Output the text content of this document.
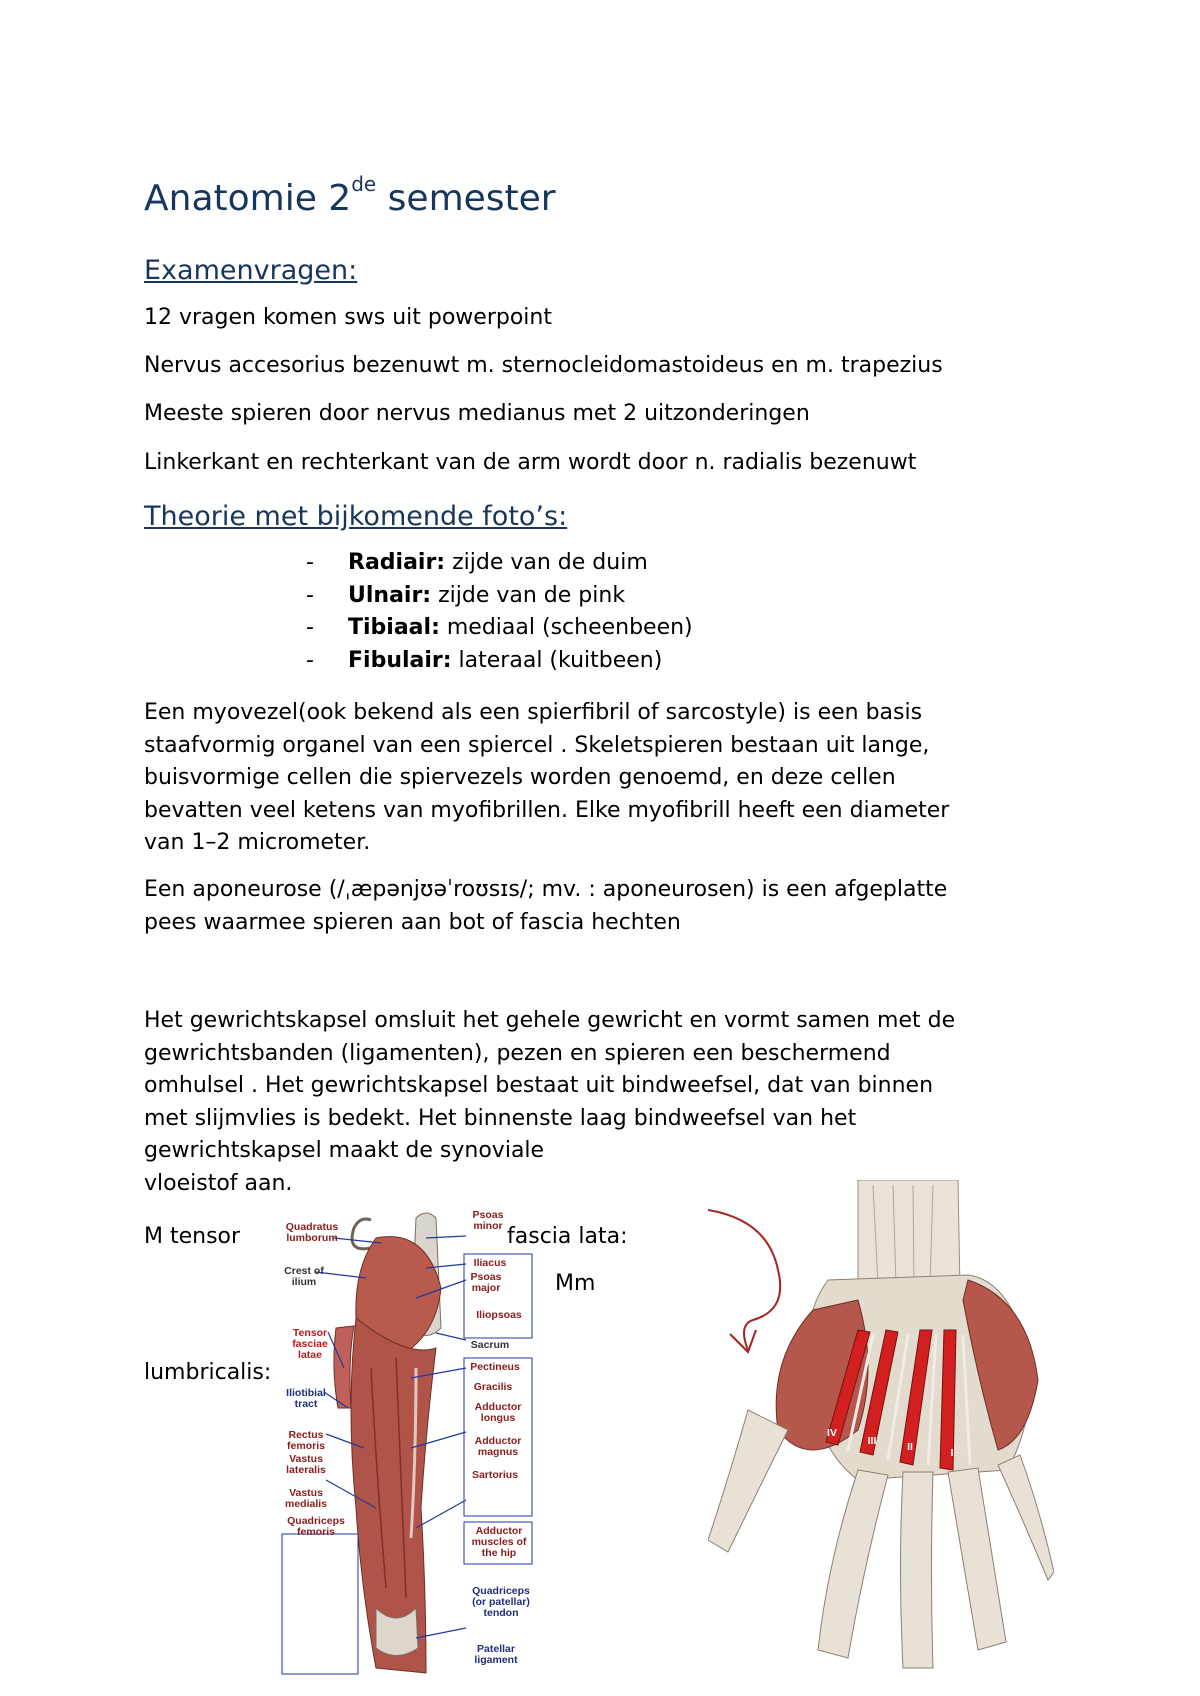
Anatomie 2de semester
Examenvragen:
12 vragen komen sws uit powerpoint
Nervus accesorius bezenuwt m. sternocleidomastoideus en m. trapezius
Meeste spieren door nervus medianus met 2 uitzonderingen
Linkerkant en rechterkant van de arm wordt door n. radialis bezenuwt
Theorie met bijkomende foto’s:
- Radiair: zijde van de duim
- Ulnair: zijde van de pink
- Tibiaal: mediaal (scheenbeen)
- Fibulair: lateraal (kuitbeen)
Een myovezel(ook bekend als een spierfibril of sarcostyle) is een basis
staafvormig organel van een spiercel . Skeletspieren bestaan uit lange,
buisvormige cellen die spiervezels worden genoemd, en deze cellen
bevatten veel ketens van myofibrillen. Elke myofibrill heeft een diameter
van 1–2 micrometer.
Een aponeurose (/ˌæpənjʊəˈroʊsɪs/; mv. : aponeurosen) is een afgeplatte
pees waarmee spieren aan bot of fascia hechten
Het gewrichtskapsel omsluit het gehele gewricht en vormt samen met de
gewrichtsbanden (ligamenten), pezen en spieren een beschermend
omhulsel . Het gewrichtskapsel bestaat uit bindweefsel, dat van binnen
met slijmvlies is bedekt. Het binnenste laag bindweefsel van het
gewrichtskapsel maakt de synoviale
vloeistof aan.
M tensor	fascia lata:
Mm
lumbricalis:
Quadratus lumborum
Crest of ilium
Tensor fasciae latae
Iliotibial tract
Rectus femoris
Vastus lateralis
Vastus medialis
Quadriceps femoris
Psoas minor
Iliacus
Psoas major
Iliopsoas
Sacrum
Pectineus
Gracilis
Adductor longus
Adductor magnus
Sartorius
Adductor muscles of the hip
Quadriceps (or patellar) tendon
Patellar ligament
IV
III	II	I
